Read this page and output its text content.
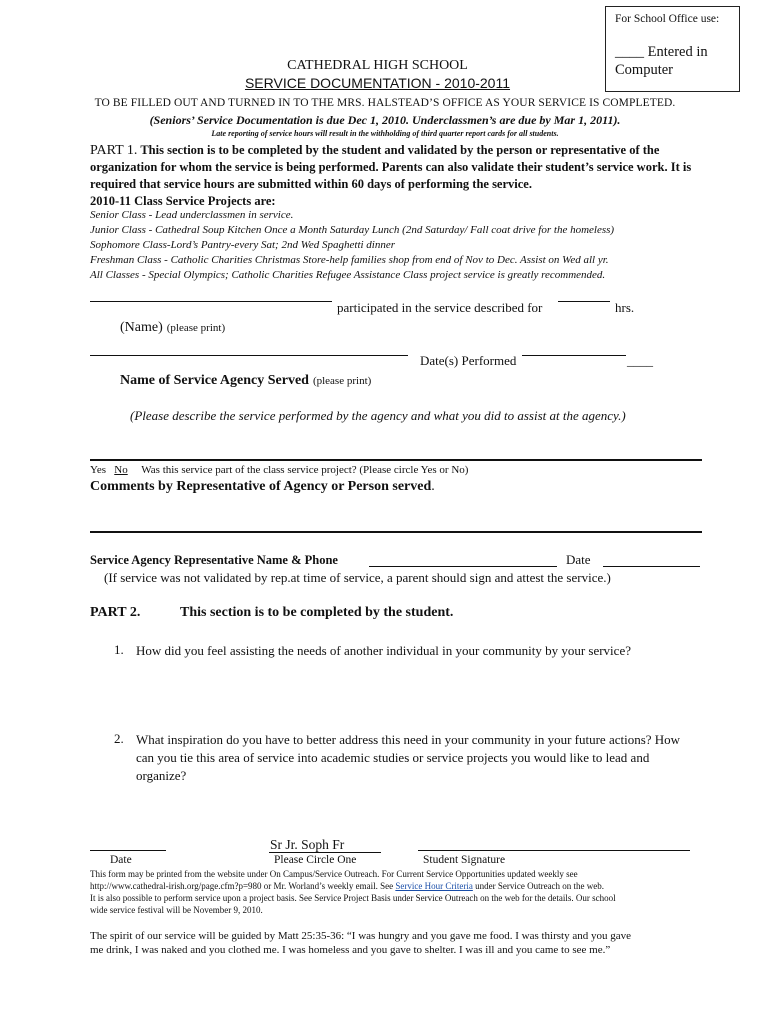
For School Office use:
____ Entered in Computer
CATHEDRAL HIGH SCHOOL
SERVICE DOCUMENTATION - 2010-2011
TO BE FILLED OUT AND TURNED IN TO THE MRS. HALSTEAD’S OFFICE AS YOUR SERVICE IS COMPLETED.
(Seniors’ Service Documentation is due Dec 1, 2010. Underclassmen’s are due by Mar 1, 2011).
Late reporting of service hours will result in the withholding of third quarter report cards for all students.
PART 1. This section is to be completed by the student and validated by the person or representative of the organization for whom the service is being performed. Parents can also validate their student’s service work. It is required that service hours are submitted within 60 days of performing the service.
2010-11 Class Service Projects are:
Senior Class - Lead underclassmen in service.
Junior Class - Cathedral Soup Kitchen Once a Month Saturday Lunch (2nd Saturday/ Fall coat drive for the homeless)
Sophomore Class-Lord’s Pantry-every Sat; 2nd Wed Spaghetti dinner
Freshman Class - Catholic Charities Christmas Store-help families shop from end of Nov to Dec. Assist on Wed all yr.
All Classes - Special Olympics; Catholic Charities Refugee Assistance Class project service is greatly recommended.
participated in the service described for	hrs.
(Name) (please print)
Date(s) Performed	____
Name of Service Agency Served (please print)
(Please describe the service performed by the agency and what you did to assist at the agency.)
Yes No Was this service part of the class service project? (Please circle Yes or No)
Comments by Representative of Agency or Person served.
Service Agency Representative Name & Phone	Date
(If service was not validated by rep.at time of service, a parent should sign and attest the service.)
PART 2.	This section is to be completed by the student.
1. How did you feel assisting the needs of another individual in your community by your service?
2. What inspiration do you have to better address this need in your community in your future actions? How can you tie this area of service into academic studies or service projects you would like to lead and organize?
Sr Jr. Soph Fr
Date	Please Circle One	Student Signature
This form may be printed from the website under On Campus/Service Outreach. For Current Service Opportunities updated weekly see
http://www.cathedral-irish.org/page.cfm?p=980 or Mr. Worland’s weekly email. See Service Hour Criteria under Service Outreach on the web.
It is also possible to perform service upon a project basis. See Service Project Basis under Service Outreach on the web for the details. Our school
wide service festival will be November 9, 2010.
The spirit of our service will be guided by Matt 25:35-36: “I was hungry and you gave me food. I was thirsty and you gave
me drink, I was naked and you clothed me. I was homeless and you gave to shelter. I was ill and you came to see me.”
